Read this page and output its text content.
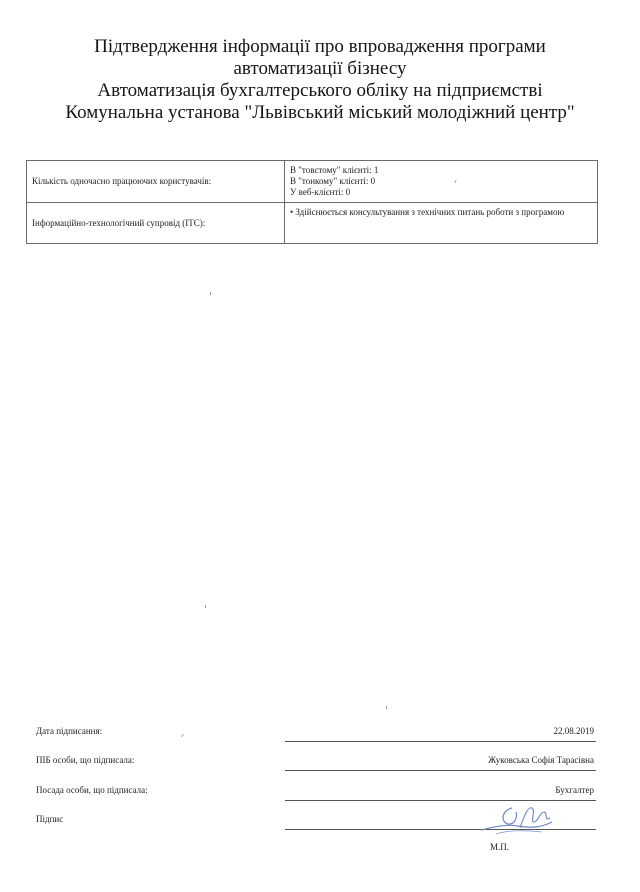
Підтвердження інформації про впровадження програми
автоматизації бізнесу
Автоматизація бухгалтерського обліку на підприємстві
Комунальна установа "Львівський міський молодіжний центр"
Кількість одночасно працюючих користувачів:	В "товстому" клієнті: 1
В "тонкому" клієнті: 0
У веб-клієнті: 0

Інформаційно-технологічний супровід (ІТС):	• Здійснюється консультування з технічних питань роботи з програмою
Дата підписання:	22.08.2019
ПІБ особи, що підписала:	Жуковська Софія Тарасівна
Посада особи, що підписала:	Бухгалтер
Підпис
М.П.
